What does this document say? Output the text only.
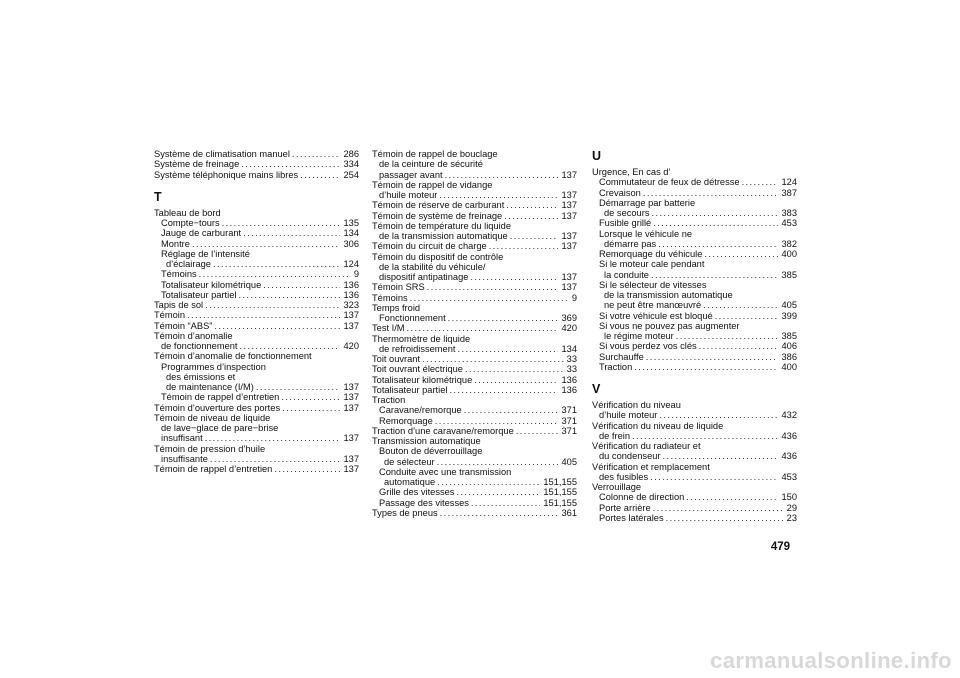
Système de climatisation manuel .....	286
Système de freinage .....	334
Système téléphonique mains libres .....	254
T
Tableau de bord
Compte−tours .....	135
Jauge de carburant .....	134
Montre .....	306
Réglage de l’intensité
d’éclairage .....	124
Témoins .....	9
Totalisateur kilométrique .....	136
Totalisateur partiel .....	136
Tapis de sol .....	323
Témoin .....	137
Témoin “ABS” .....	137
Témoin d’anomalie
de fonctionnement .....	420
Témoin d’anomalie de fonctionnement
Programmes d’inspection
des émissions et
de maintenance (I/M) .....	137
Témoin de rappel d’entretien .....	137
Témoin d’ouverture des portes .....	137
Témoin de niveau de liquide
de lave−glace de pare−brise
insuffisant .....	137
Témoin de pression d’huile
insuffisante .....	137
Témoin de rappel d’entretien .....	137
Témoin de rappel de bouclage
de la ceinture de sécurité
passager avant .....	137
Témoin de rappel de vidange
d’huile moteur .....	137
Témoin de réserve de carburant .....	137
Témoin de système de freinage .....	137
Témoin de température du liquide
de la transmission automatique .....	137
Témoin du circuit de charge .....	137
Témoin du dispositif de contrôle
de la stabilité du véhicule/
dispositif antipatinage .....	137
Témoin SRS .....	137
Témoins .....	9
Temps froid
Fonctionnement .....	369
Test I/M .....	420
Thermomètre de liquide
de refroidissement .....	134
Toit ouvrant .....	33
Toit ouvrant électrique .....	33
Totalisateur kilométrique .....	136
Totalisateur partiel .....	136
Traction
Caravane/remorque .....	371
Remorquage .....	371
Traction d’une caravane/remorque .....	371
Transmission automatique
Bouton de déverrouillage
de sélecteur .....	405
Conduite avec une transmission
automatique .....	151,155
Grille des vitesses .....	151,155
Passage des vitesses .....	151,155
Types de pneus .....	361
U
Urgence, En cas d’
Commutateur de feux de détresse .....	124
Crevaison .....	387
Démarrage par batterie
de secours .....	383
Fusible grillé .....	453
Lorsque le véhicule ne
démarre pas .....	382
Remorquage du véhicule .....	400
Si le moteur cale pendant
la conduite .....	385
Si le sélecteur de vitesses
de la transmission automatique
ne peut être manœuvré .....	405
Si votre véhicule est bloqué .....	399
Si vous ne pouvez pas augmenter
le régime moteur .....	385
Si vous perdez vos clés .....	406
Surchauffe .....	386
Traction .....	400
V
Vérification du niveau
d’huile moteur .....	432
Vérification du niveau de liquide
de frein .....	436
Vérification du radiateur et
du condenseur .....	436
Vérification et remplacement
des fusibles .....	453
Verrouillage
Colonne de direction .....	150
Porte arrière .....	29
Portes latérales .....	23
479
carmanualsonline.info
